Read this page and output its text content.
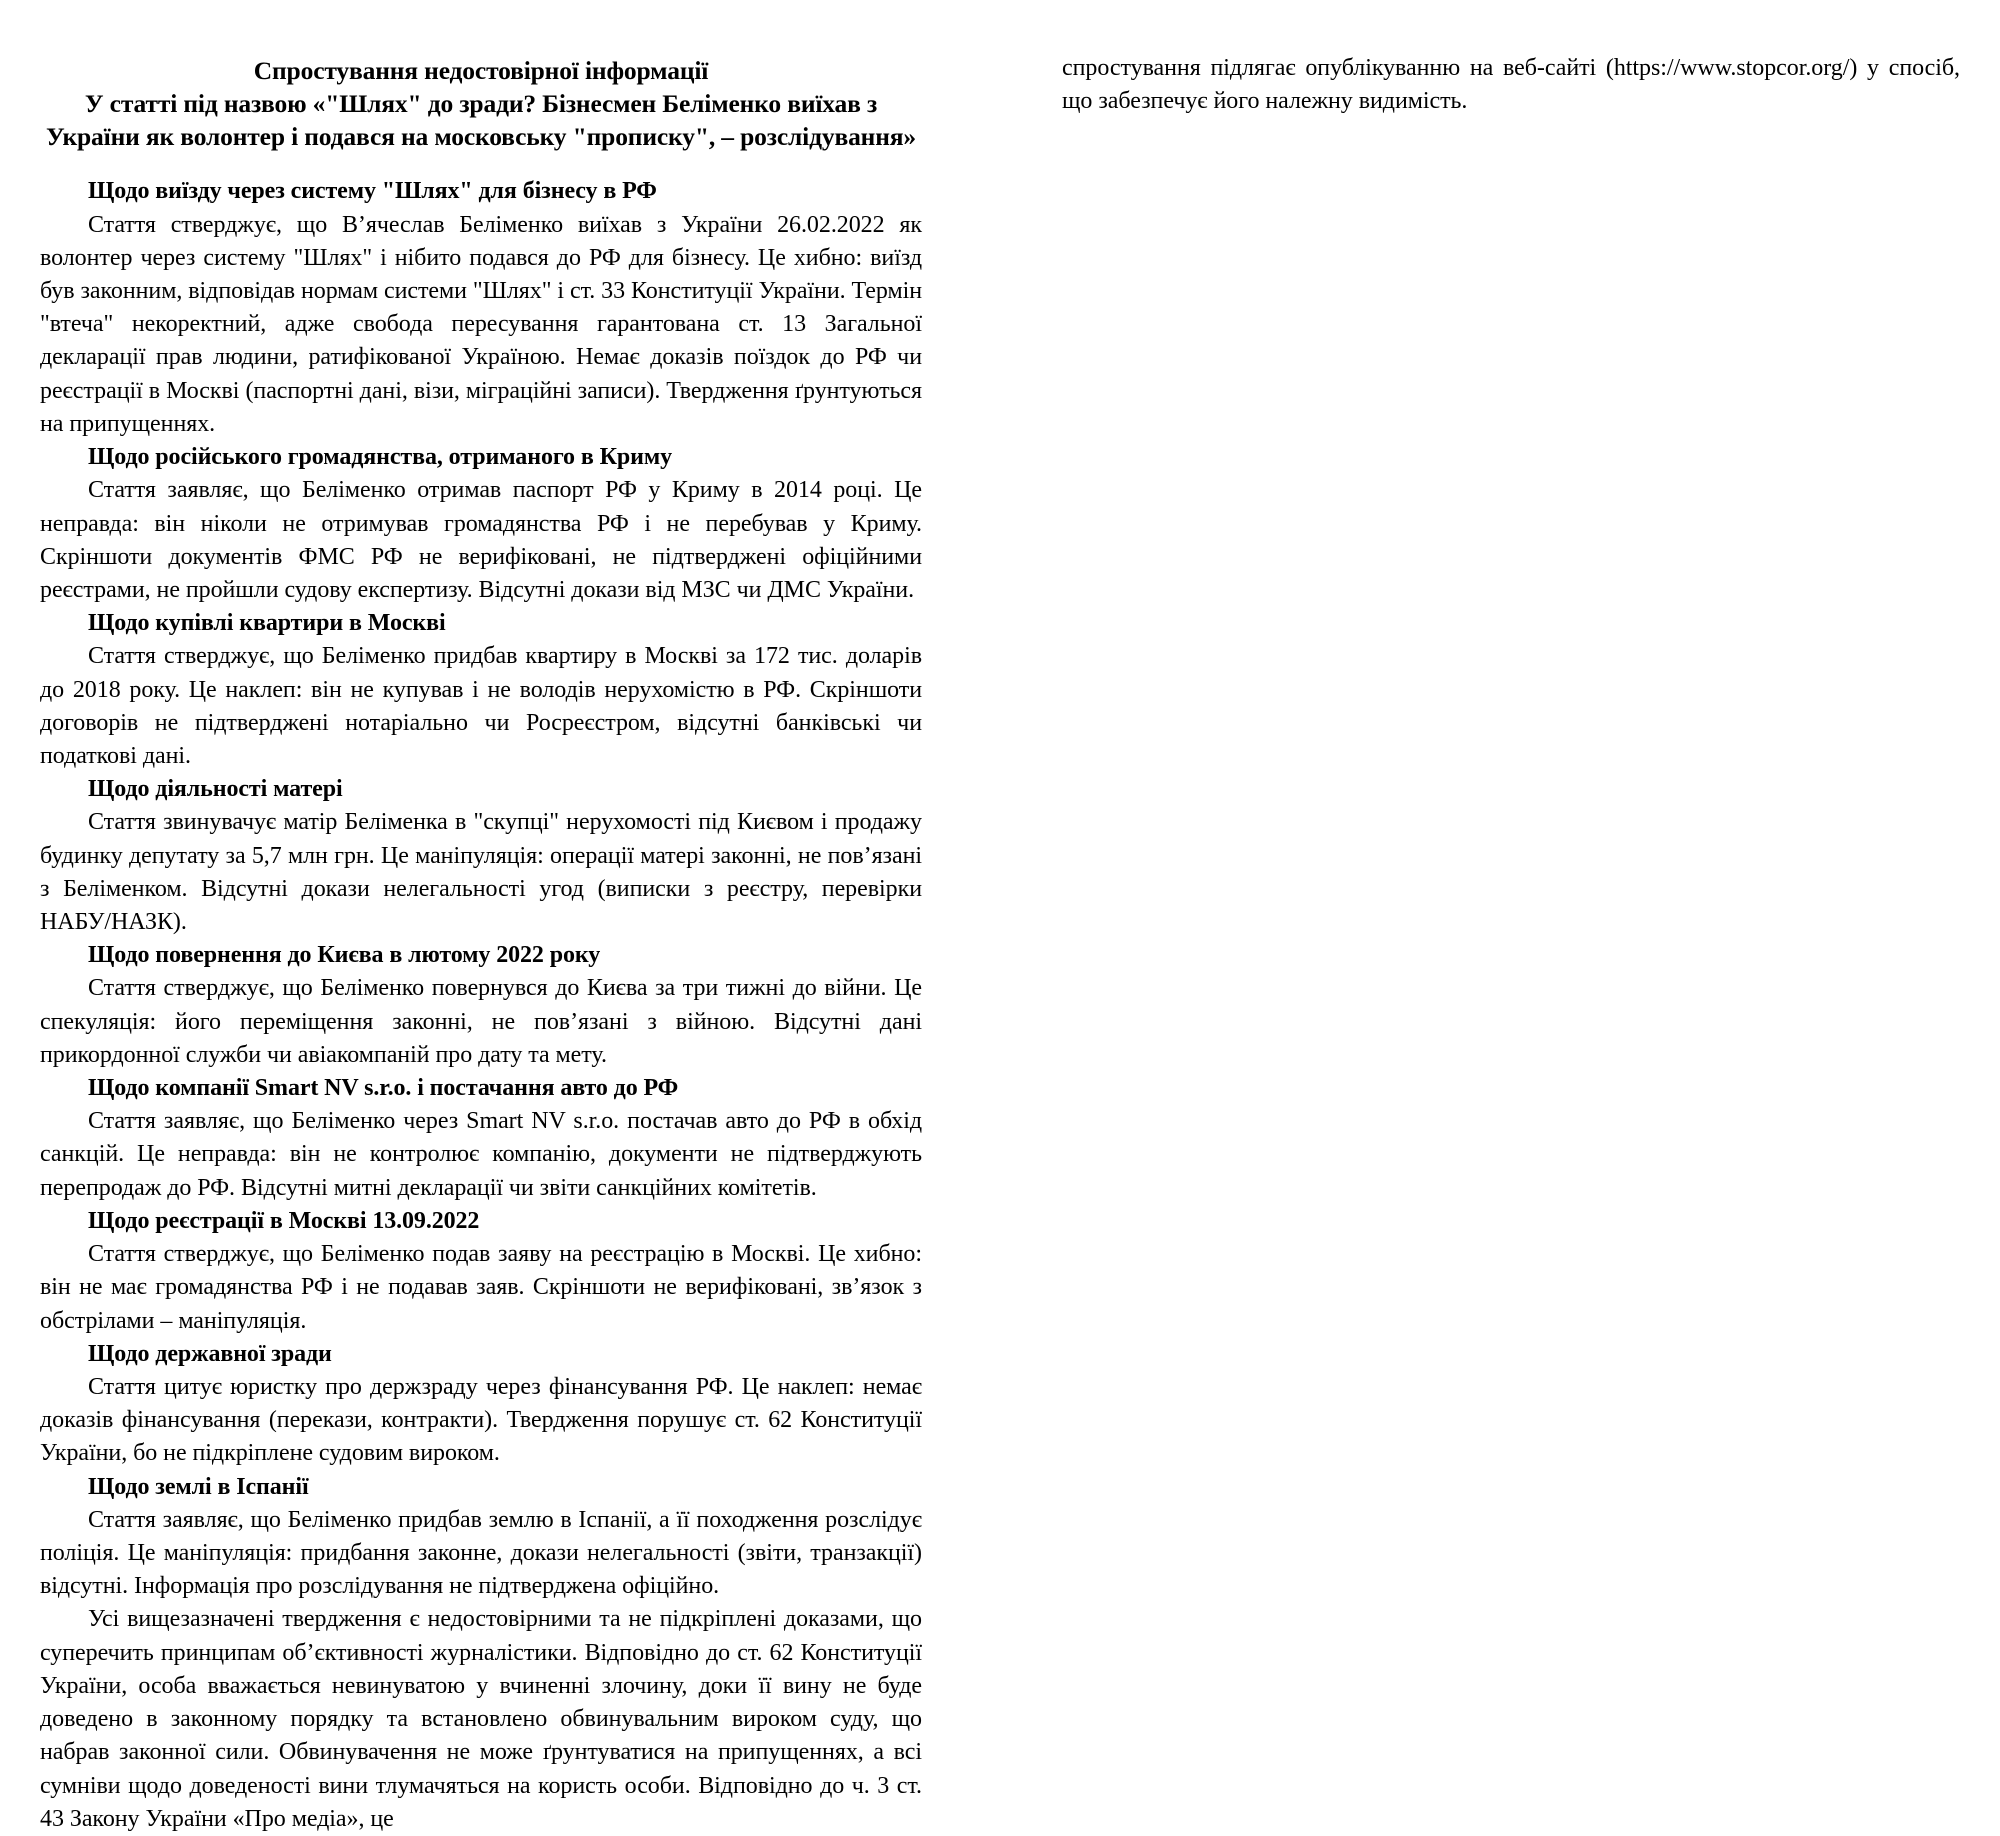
Спростування недостовірної інформації
У статті під назвою «"Шлях" до зради? Бізнесмен Беліменко виїхав з
України як волонтер і подався на московську "прописку", – розслідування»

Щодо виїзду через систему "Шлях" для бізнесу в РФ

Стаття стверджує, що В’ячеслав Беліменко виїхав з України 26.02.2022 як волонтер через систему "Шлях" і нібито подався до РФ для бізнесу. Це хибно: виїзд був законним, відповідав нормам системи "Шлях" і ст. 33 Конституції України. Термін "втеча" некоректний, адже свобода пересування гарантована ст. 13 Загальної декларації прав людини, ратифікованої Україною. Немає доказів поїздок до РФ чи реєстрації в Москві (паспортні дані, візи, міграційні записи). Твердження ґрунтуються на припущеннях.

Щодо російського громадянства, отриманого в Криму

Стаття заявляє, що Беліменко отримав паспорт РФ у Криму в 2014 році. Це неправда: він ніколи не отримував громадянства РФ і не перебував у Криму. Скріншоти документів ФМС РФ не верифіковані, не підтверджені офіційними реєстрами, не пройшли судову експертизу. Відсутні докази від МЗС чи ДМС України.

Щодо купівлі квартири в Москві

Стаття стверджує, що Беліменко придбав квартиру в Москві за 172 тис. доларів до 2018 року. Це наклеп: він не купував і не володів нерухомістю в РФ. Скріншоти договорів не підтверджені нотаріально чи Росреєстром, відсутні банківські чи податкові дані.

Щодо діяльності матері

Стаття звинувачує матір Беліменка в "скупці" нерухомості під Києвом і продажу будинку депутату за 5,7 млн грн. Це маніпуляція: операції матері законні, не пов’язані з Беліменком. Відсутні докази нелегальності угод (виписки з реєстру, перевірки НАБУ/НАЗК).

Щодо повернення до Києва в лютому 2022 року

Стаття стверджує, що Беліменко повернувся до Києва за три тижні до війни. Це спекуляція: його переміщення законні, не пов’язані з війною. Відсутні дані прикордонної служби чи авіакомпаній про дату та мету.

Щодо компанії Smart NV s.r.o. і постачання авто до РФ

Стаття заявляє, що Беліменко через Smart NV s.r.o. постачав авто до РФ в обхід санкцій. Це неправда: він не контролює компанію, документи не підтверджують перепродаж до РФ. Відсутні митні декларації чи звіти санкційних комітетів.

Щодо реєстрації в Москві 13.09.2022

Стаття стверджує, що Беліменко подав заяву на реєстрацію в Москві. Це хибно: він не має громадянства РФ і не подавав заяв. Скріншоти не верифіковані, зв’язок з обстрілами – маніпуляція.

Щодо державної зради

Стаття цитує юристку про держзраду через фінансування РФ. Це наклеп: немає доказів фінансування (перекази, контракти). Твердження порушує ст. 62 Конституції України, бо не підкріплене судовим вироком.

Щодо землі в Іспанії

Стаття заявляє, що Беліменко придбав землю в Іспанії, а її походження розслідує поліція. Це маніпуляція: придбання законне, докази нелегальності (звіти, транзакції) відсутні. Інформація про розслідування не підтверджена офіційно.

Усі вищезазначені твердження є недостовірними та не підкріплені доказами, що суперечить принципам об’єктивності журналістики. Відповідно до ст. 62 Конституції України, особа вважається невинуватою у вчиненні злочину, доки її вину не буде доведено в законному порядку та встановлено обвинувальним вироком суду, що набрав законної сили. Обвинувачення не може ґрунтуватися на припущеннях, а всі сумніви щодо доведеності вини тлумачяться на користь особи. Відповідно до ч. 3 ст. 43 Закону України «Про медіа», це

спростування підлягає опублікуванню на веб-сайті (https://www.stopcor.org/) у спосіб, що забезпечує його належну видимість.
